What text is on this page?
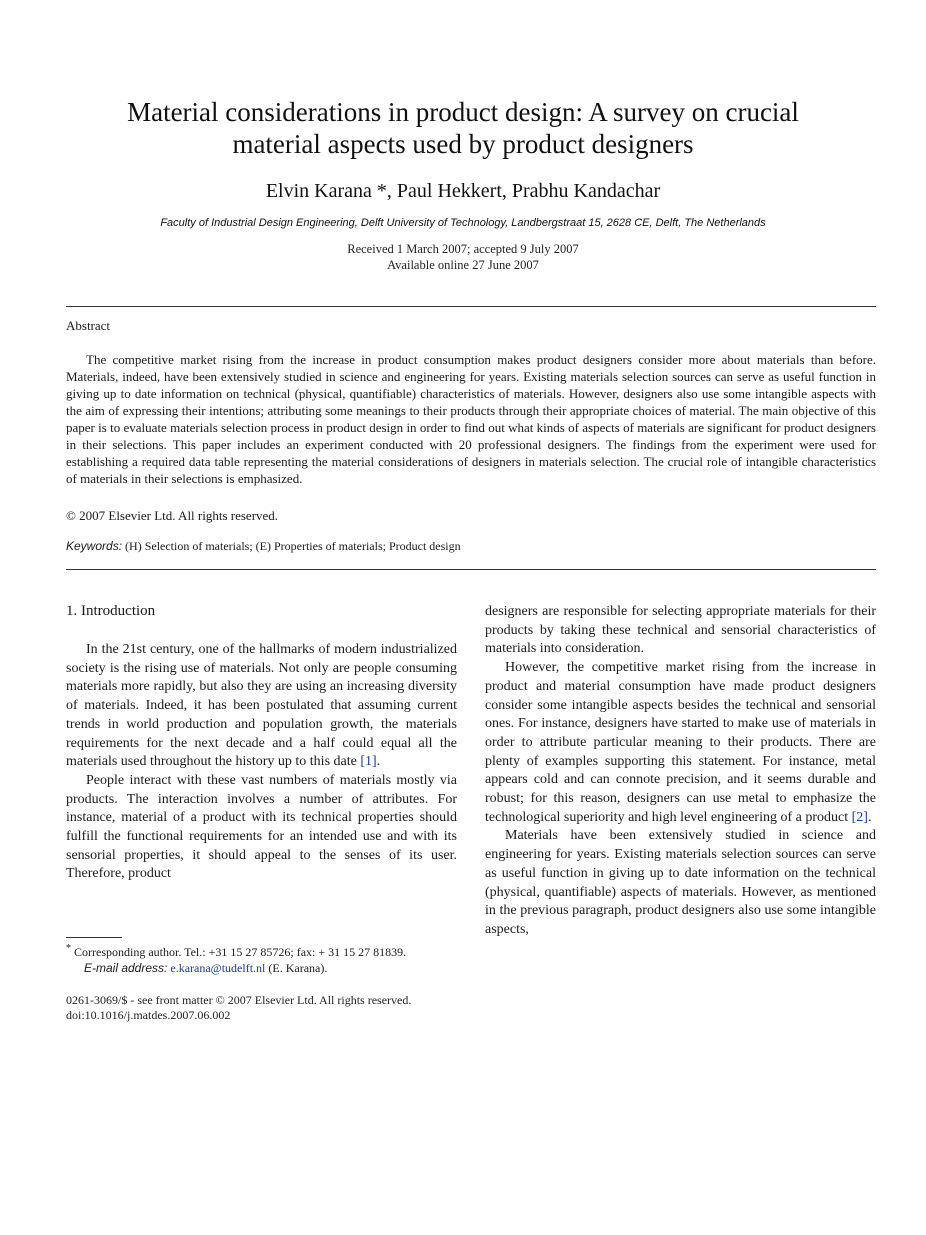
Material considerations in product design: A survey on crucial
material aspects used by product designers
Elvin Karana *, Paul Hekkert, Prabhu Kandachar
Faculty of Industrial Design Engineering, Delft University of Technology, Landbergstraat 15, 2628 CE, Delft, The Netherlands
Received 1 March 2007; accepted 9 July 2007
Available online 27 June 2007
Abstract
The competitive market rising from the increase in product consumption makes product designers consider more about materials than before. Materials, indeed, have been extensively studied in science and engineering for years. Existing materials selection sources can serve as useful function in giving up to date information on technical (physical, quantifiable) characteristics of materials. However, designers also use some intangible aspects with the aim of expressing their intentions; attributing some meanings to their products through their appropriate choices of material. The main objective of this paper is to evaluate materials selection process in product design in order to find out what kinds of aspects of materials are significant for product designers in their selections. This paper includes an experiment conducted with 20 professional designers. The findings from the experiment were used for establishing a required data table representing the material considerations of designers in materials selection. The crucial role of intangible characteristics of materials in their selections is emphasized.
© 2007 Elsevier Ltd. All rights reserved.
Keywords: (H) Selection of materials; (E) Properties of materials; Product design
1. Introduction

In the 21st century, one of the hallmarks of modern industrialized society is the rising use of materials. Not only are people consuming materials more rapidly, but also they are using an increasing diversity of materials. Indeed, it has been postulated that assuming current trends in world production and population growth, the materials requirements for the next decade and a half could equal all the materials used throughout the history up to this date [1].

People interact with these vast numbers of materials mostly via products. The interaction involves a number of attributes. For instance, material of a product with its technical properties should fulfill the functional requirements for an intended use and with its sensorial properties, it should appeal to the senses of its user. Therefore, product

* Corresponding author. Tel.: +31 15 27 85726; fax: + 31 15 27 81839.
E-mail address: e.karana@tudelft.nl (E. Karana).
0261-3069/$ - see front matter © 2007 Elsevier Ltd. All rights reserved.
doi:10.1016/j.matdes.2007.06.002

designers are responsible for selecting appropriate materials for their products by taking these technical and sensorial characteristics of materials into consideration.

However, the competitive market rising from the increase in product and material consumption have made product designers consider some intangible aspects besides the technical and sensorial ones. For instance, designers have started to make use of materials in order to attribute particular meaning to their products. There are plenty of examples supporting this statement. For instance, metal appears cold and can connote precision, and it seems durable and robust; for this reason, designers can use metal to emphasize the technological superiority and high level engineering of a product [2].

Materials have been extensively studied in science and engineering for years. Existing materials selection sources can serve as useful function in giving up to date information on the technical (physical, quantifiable) aspects of materials. However, as mentioned in the previous paragraph, product designers also use some intangible aspects,
